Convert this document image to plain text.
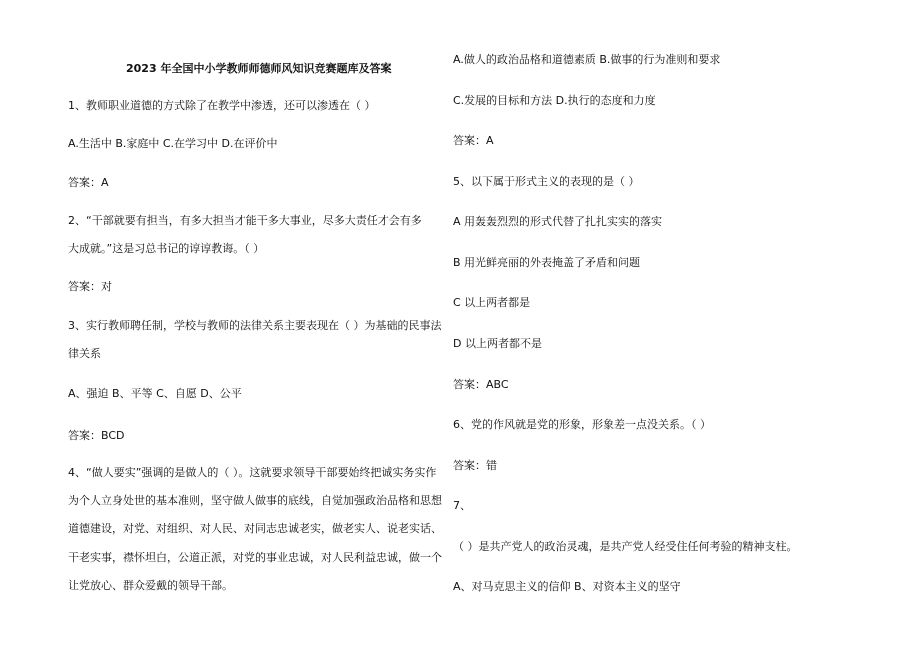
2023 年全国中小学教师师德师风知识竞赛题库及答案
1、教师职业道德的方式除了在教学中渗透，还可以渗透在（ ）
A.生活中 B.家庭中 C.在学习中 D.在评价中
答案：A
2、“干部就要有担当，有多大担当才能干多大事业，尽多大责任才会有多
大成就。”这是习总书记的谆谆教诲。（ ）
答案：对
3、实行教师聘任制，学校与教师的法律关系主要表现在（ ）为基础的民事法
律关系
A、强迫 B、平等 C、自愿 D、公平
答案：BCD
4、“做人要实”强调的是做人的（ ）。这就要求领导干部要始终把诚实务实作
为个人立身处世的基本准则，坚守做人做事的底线，自觉加强政治品格和思想
道德建设，对党、对组织、对人民、对同志忠诚老实，做老实人、说老实话、
干老实事，襟怀坦白，公道正派，对党的事业忠诚，对人民利益忠诚，做一个
让党放心、群众爱戴的领导干部。
A.做人的政治品格和道德素质 B.做事的行为准则和要求
C.发展的目标和方法 D.执行的态度和力度
答案：A
5、以下属于形式主义的表现的是（ ）
A 用轰轰烈烈的形式代替了扎扎实实的落实
B 用光鲜亮丽的外表掩盖了矛盾和问题
C 以上两者都是
D 以上两者都不是
答案：ABC
6、党的作风就是党的形象，形象差一点没关系。（ ）
答案：错
7、
（ ）是共产党人的政治灵魂，是共产党人经受住任何考验的精神支柱。
A、对马克思主义的信仰 B、对资本主义的坚守
